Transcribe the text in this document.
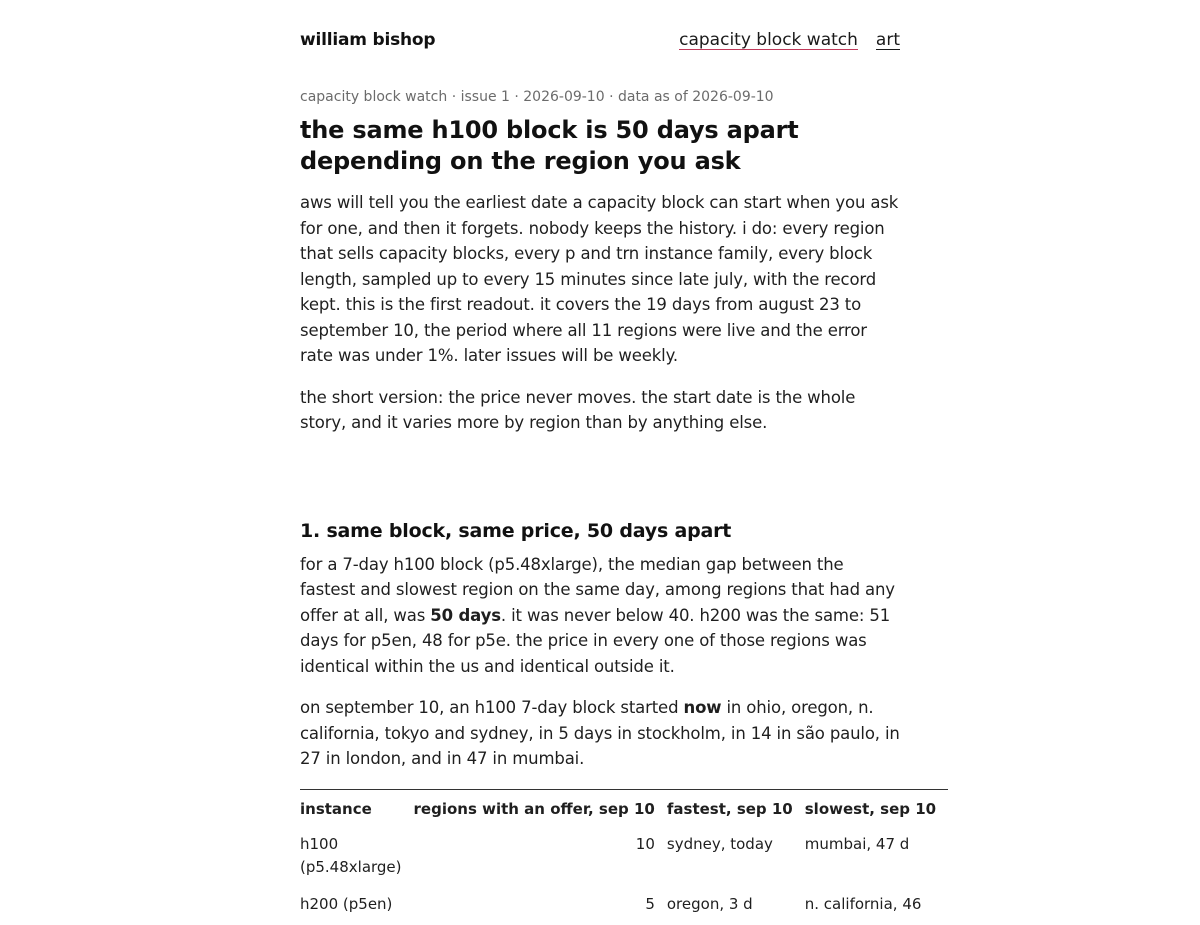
william bishop	capacity block watch art
capacity block watch · issue 1 · 2026-09-10 · data as of 2026-09-10
the same h100 block is 50 days apart depending on the region you ask

aws will tell you the earliest date a capacity block can start when you ask for one, and then it forgets. nobody keeps the history. i do: every region that sells capacity blocks, every p and trn instance family, every block length, sampled up to every 15 minutes since late july, with the record kept. this is the first readout. it covers the 19 days from august 23 to september 10, the period where all 11 regions were live and the error rate was under 1%. later issues will be weekly.

the short version: the price never moves. the start date is the whole story, and it varies more by region than by anything else.

1. same block, same price, 50 days apart

for a 7-day h100 block (p5.48xlarge), the median gap between the fastest and slowest region on the same day, among regions that had any offer at all, was 50 days. it was never below 40. h200 was the same: 51 days for p5en, 48 for p5e. the price in every one of those regions was identical within the us and identical outside it.

on september 10, an h100 7-day block started now in ohio, oregon, n. california, tokyo and sydney, in 5 days in stockholm, in 14 in são paulo, in 27 in london, and in 47 in mumbai.

instance	regions with an offer, sep 10	fastest, sep 10	slowest, sep 10
h100 (p5.48xlarge)	10	sydney, today	mumbai, 47 d
h200 (p5en)	5	oregon, 3 d	n. california, 46
